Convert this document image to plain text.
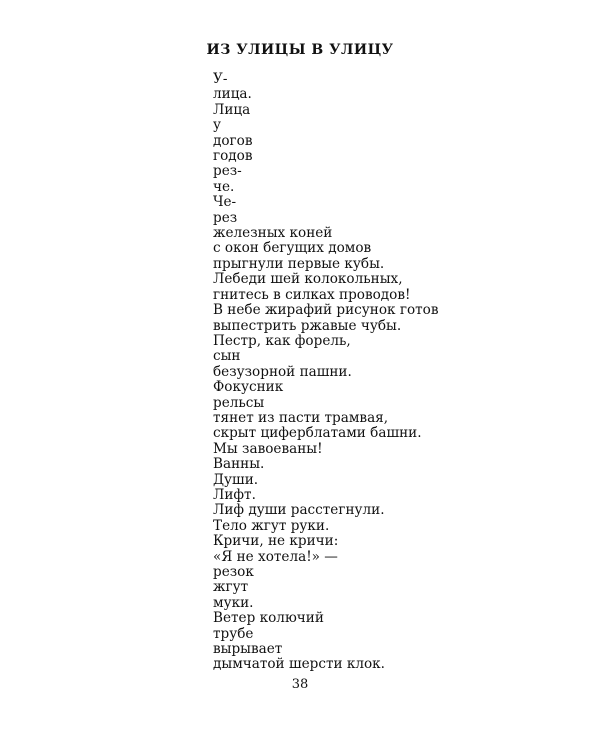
ИЗ УЛИЦЫ В УЛИЦУ
У-
лица.
Лица
у
догов
годов
рез-
че.
Че-
рез
железных коней
с окон бегущих домов
прыгнули первые кубы.
Лебеди шей колокольных,
гнитесь в силках проводов!
В небе жирафий рисунок готов
выпестрить ржавые чубы.
Пестр, как форель,
сын
безузорной пашни.
Фокусник
рельсы
тянет из пасти трамвая,
скрыт циферблатами башни.
Мы завоеваны!
Ванны.
Души.
Лифт.
Лиф души расстегнули.
Тело жгут руки.
Кричи, не кричи:
«Я не хотела!» —
резок
жгут
муки.
Ветер колючий
трубе
вырывает
дымчатой шерсти клок.
38
